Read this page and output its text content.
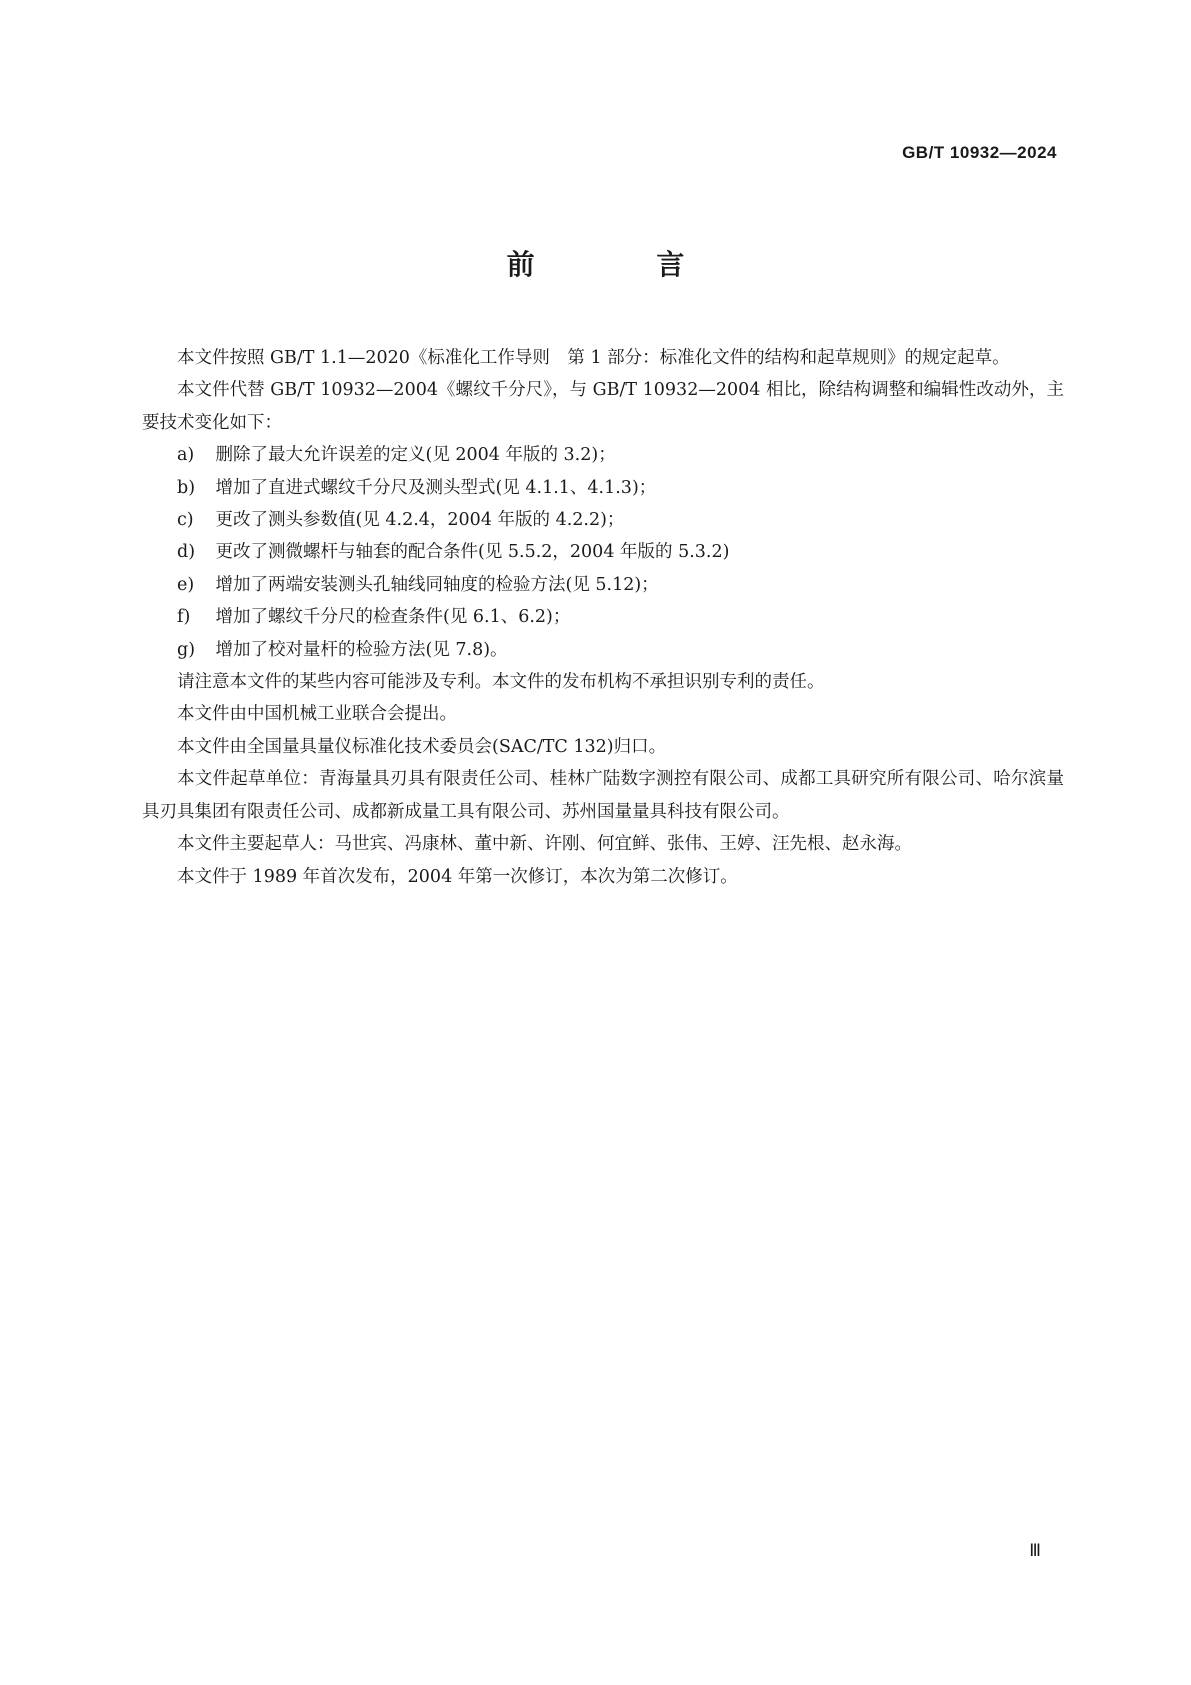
GB/T 10932—2024
前 言

本文件按照 GB/T 1.1—2020《标准化工作导则　第 1 部分：标准化文件的结构和起草规则》的规定起草。

本文件代替 GB/T 10932—2004《螺纹千分尺》，与 GB/T 10932—2004 相比，除结构调整和编辑性改动外，主要技术变化如下：

a)	删除了最大允许误差的定义(见 2004 年版的 3.2)；
b)	增加了直进式螺纹千分尺及测头型式(见 4.1.1、4.1.3)；
c)	更改了测头参数值(见 4.2.4，2004 年版的 4.2.2)；
d)	更改了测微螺杆与轴套的配合条件(见 5.5.2，2004 年版的 5.3.2)
e)	增加了两端安装测头孔轴线同轴度的检验方法(见 5.12)；
f)	增加了螺纹千分尺的检查条件(见 6.1、6.2)；
g)	增加了校对量杆的检验方法(见 7.8)。

请注意本文件的某些内容可能涉及专利。本文件的发布机构不承担识别专利的责任。

本文件由中国机械工业联合会提出。

本文件由全国量具量仪标准化技术委员会(SAC/TC 132)归口。

本文件起草单位：青海量具刃具有限责任公司、桂林广陆数字测控有限公司、成都工具研究所有限公司、哈尔滨量具刃具集团有限责任公司、成都新成量工具有限公司、苏州国量量具科技有限公司。

本文件主要起草人：马世宾、冯康林、董中新、许刚、何宜鲜、张伟、王婷、汪先根、赵永海。

本文件于 1989 年首次发布，2004 年第一次修订，本次为第二次修订。

Ⅲ
